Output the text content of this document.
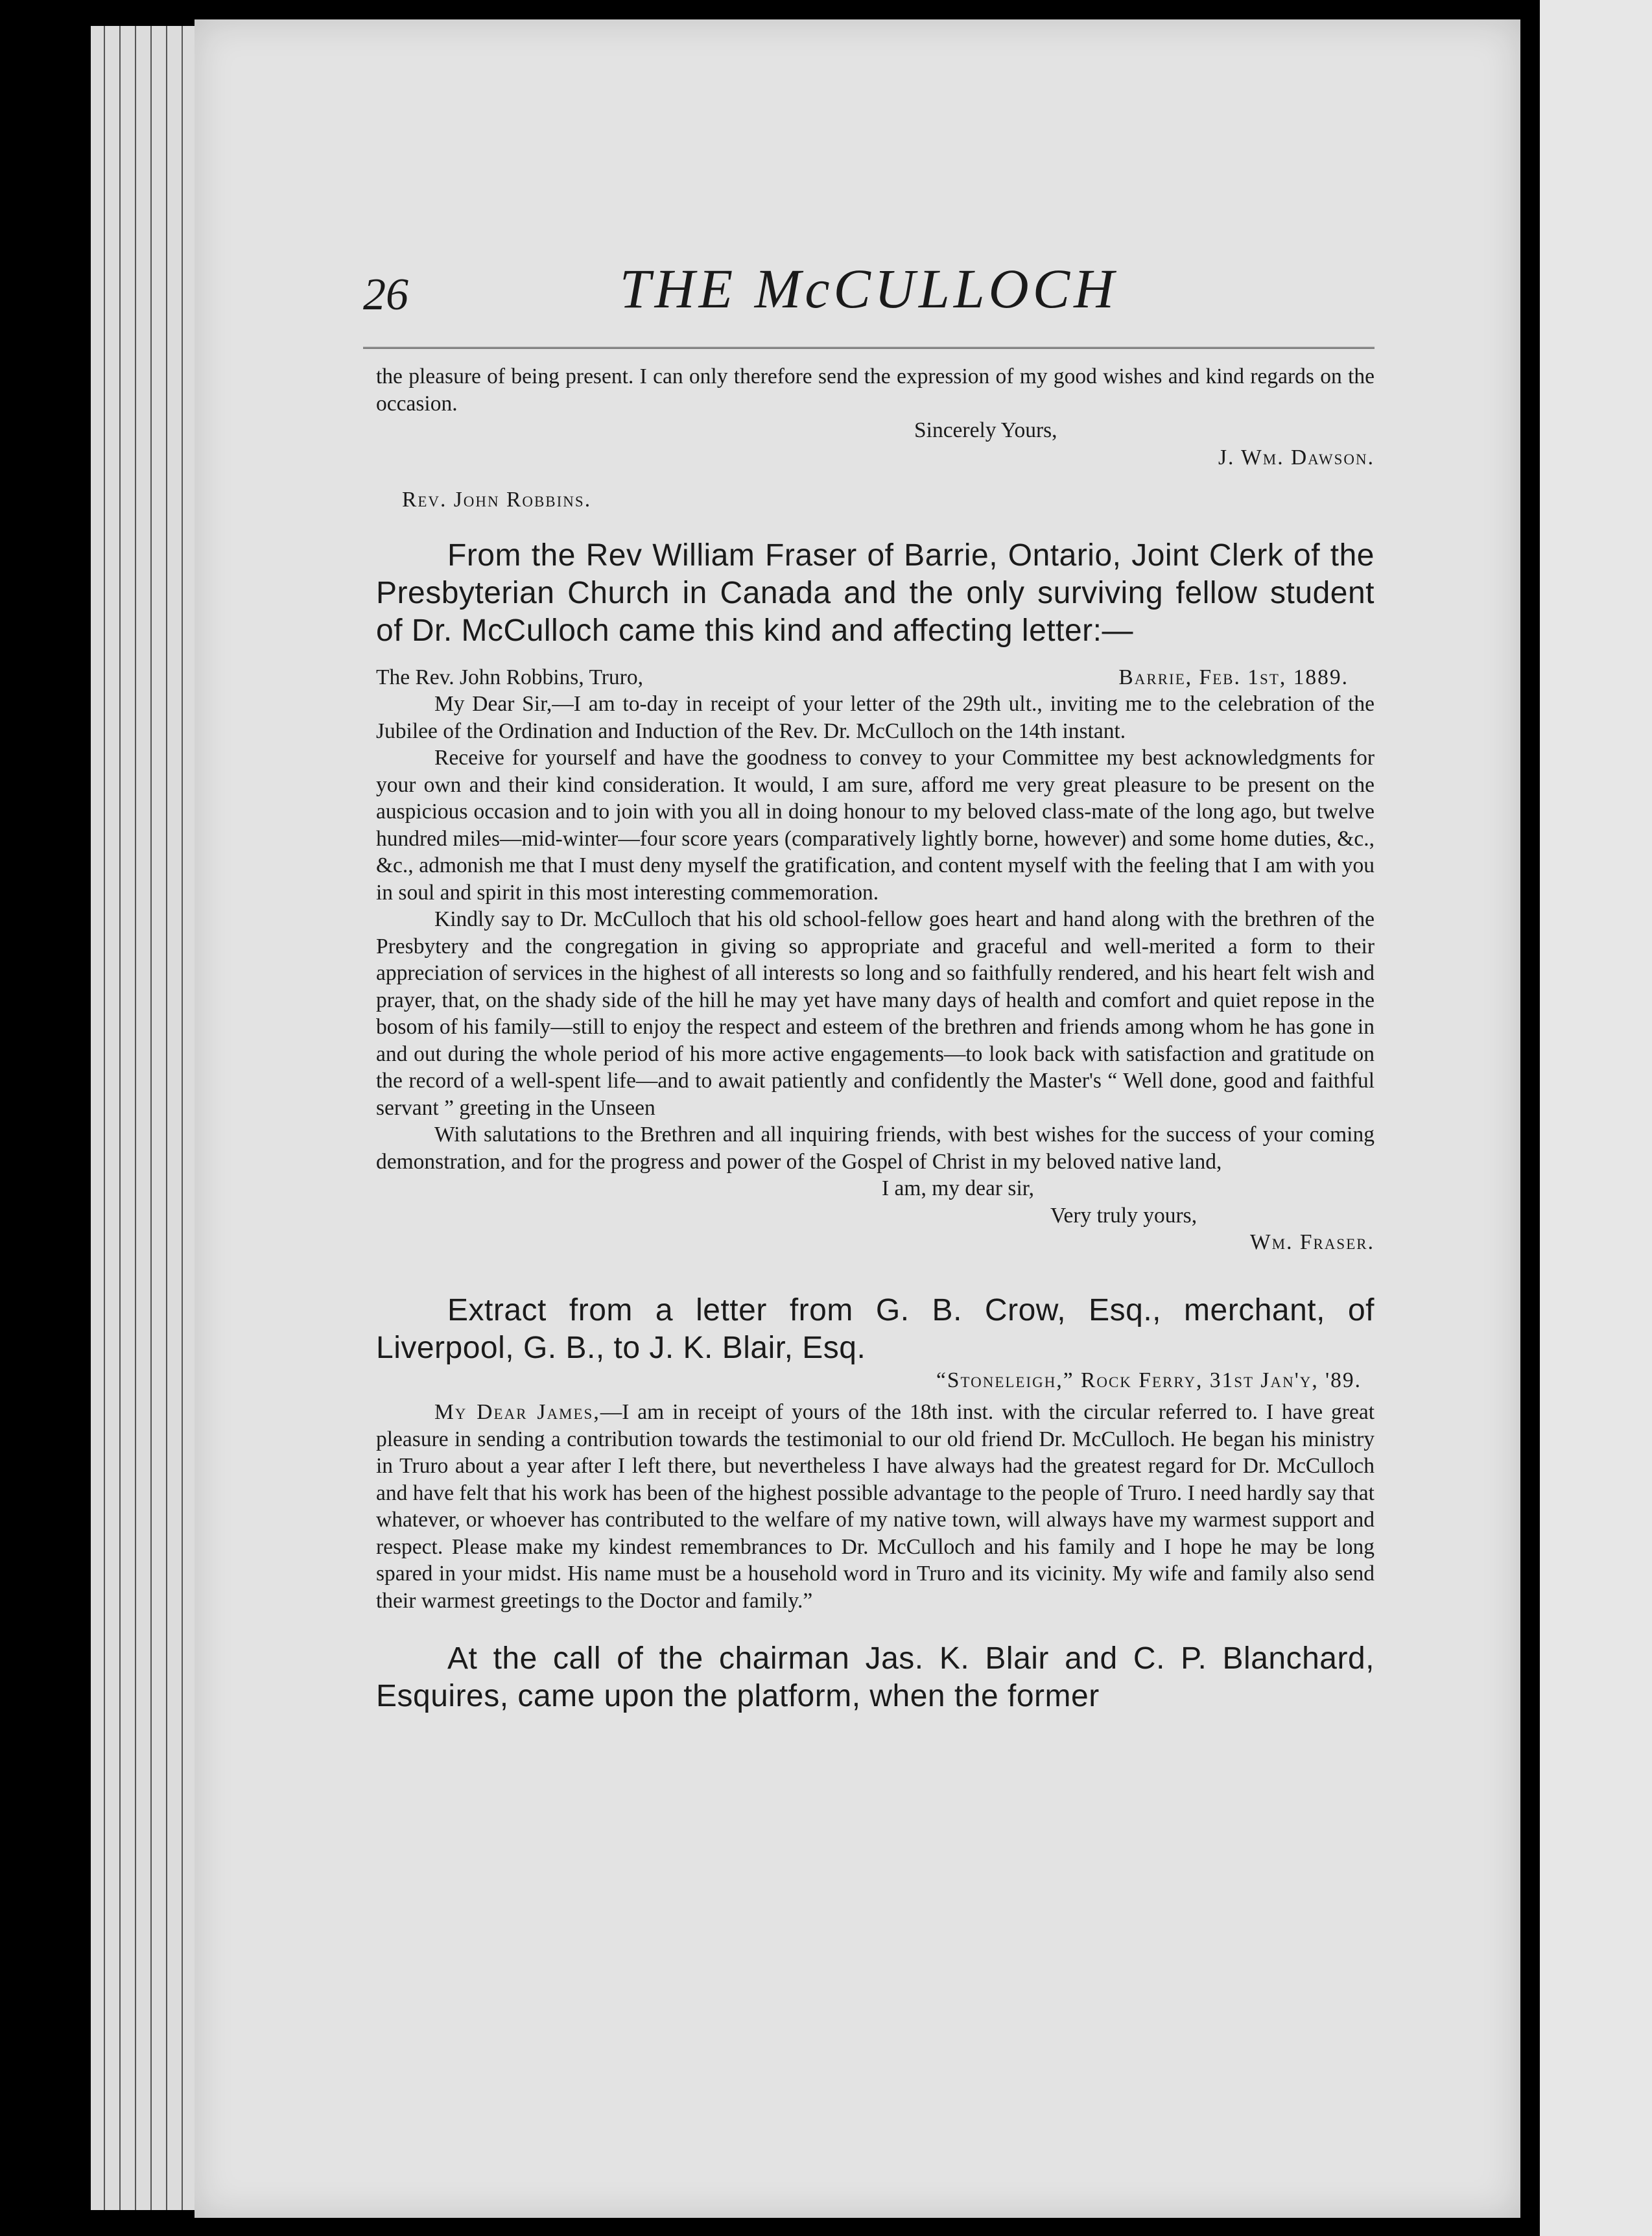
THE McCULLOCH
26

the pleasure of being present. I can only therefore send the expression of my good wishes and kind regards on the occasion.

Sincerely Yours,

J. Wm. Dawson.

Rev. John Robbins.

From the Rev William Fraser of Barrie, Ontario, Joint Clerk of the Presbyterian Church in Canada and the only surviving fellow student of Dr. McCulloch came this kind and affecting letter:—

The Rev. John Robbins, Truro,	Barrie, Feb. 1st, 1889.

My Dear Sir,—I am to-day in receipt of your letter of the 29th ult., inviting me to the celebration of the Jubilee of the Ordination and Induction of the Rev. Dr. McCulloch on the 14th instant.

Receive for yourself and have the goodness to convey to your Committee my best acknowledgments for your own and their kind consideration. It would, I am sure, afford me very great pleasure to be present on the auspicious occasion and to join with you all in doing honour to my beloved class-mate of the long ago, but twelve hundred miles—mid-winter—four score years (comparatively lightly borne, however) and some home duties, &c., &c., admonish me that I must deny myself the gratification, and content myself with the feeling that I am with you in soul and spirit in this most interesting commemoration.

Kindly say to Dr. McCulloch that his old school-fellow goes heart and hand along with the brethren of the Presbytery and the congregation in giving so appropriate and graceful and well-merited a form to their appreciation of services in the highest of all interests so long and so faithfully rendered, and his heart felt wish and prayer, that, on the shady side of the hill he may yet have many days of health and comfort and quiet repose in the bosom of his family—still to enjoy the respect and esteem of the brethren and friends among whom he has gone in and out during the whole period of his more active engagements—to look back with satisfaction and gratitude on the record of a well-spent life—and to await patiently and confidently the Master's “ Well done, good and faithful servant ” greeting in the Unseen

With salutations to the Brethren and all inquiring friends, with best wishes for the success of your coming demonstration, and for the progress and power of the Gospel of Christ in my beloved native land,

I am, my dear sir,

Very truly yours,

Wm. Fraser.

Extract from a letter from G. B. Crow, Esq., merchant, of Liverpool, G. B., to J. K. Blair, Esq.

“Stoneleigh,” Rock Ferry, 31st Jan'y, '89.

My Dear James,—I am in receipt of yours of the 18th inst. with the circular referred to. I have great pleasure in sending a contribution towards the testimonial to our old friend Dr. McCulloch. He began his ministry in Truro about a year after I left there, but nevertheless I have always had the greatest regard for Dr. McCulloch and have felt that his work has been of the highest possible advantage to the people of Truro. I need hardly say that whatever, or whoever has contributed to the welfare of my native town, will always have my warmest support and respect. Please make my kindest remembrances to Dr. McCulloch and his family and I hope he may be long spared in your midst. His name must be a household word in Truro and its vicinity. My wife and family also send their warmest greetings to the Doctor and family.”

At the call of the chairman Jas. K. Blair and C. P. Blanchard, Esquires, came upon the platform, when the former
